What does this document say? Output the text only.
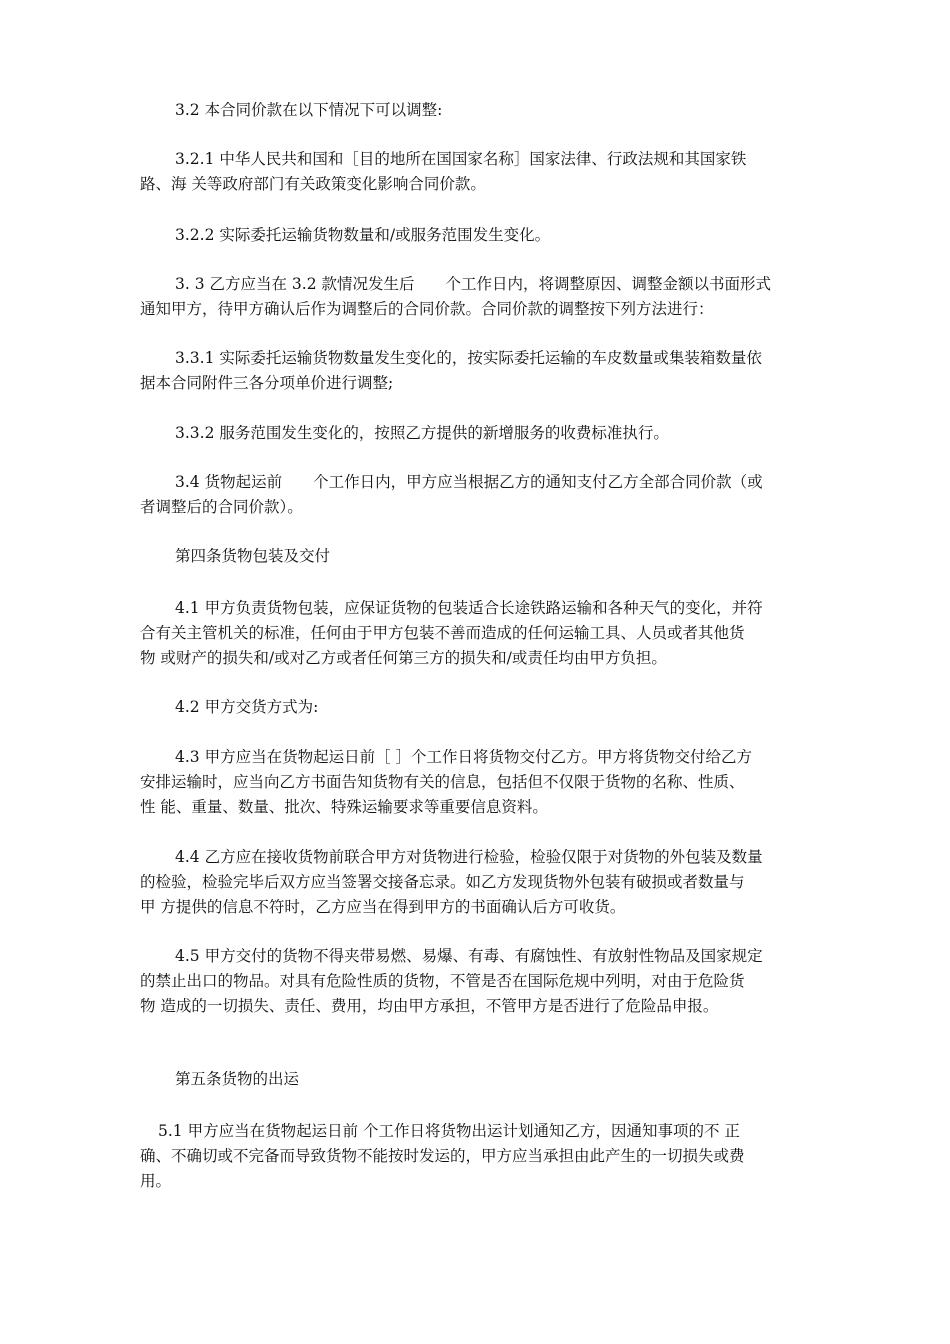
3.2 本合同价款在以下情况下可以调整:

3.2.1 中华人民共和国和［目的地所在国国家名称］国家法律、行政法规和其国家铁
路、海 关等政府部门有关政策变化影响合同价款。

3.2.2 实际委托运输货物数量和/或服务范围发生变化。

3. 3 乙方应当在 3.2 款情况发生后　　个工作日内，将调整原因、调整金额以书面形式
通知甲方，待甲方确认后作为调整后的合同价款。合同价款的调整按下列方法进行：

3.3.1 实际委托运输货物数量发生变化的，按实际委托运输的车皮数量或集装箱数量依
据本合同附件三各分项单价进行调整;

3.3.2 服务范围发生变化的，按照乙方提供的新增服务的收费标准执行。

3.4 货物起运前　　个工作日内，甲方应当根据乙方的通知支付乙方全部合同价款（或
者调整后的合同价款）。

第四条货物包装及交付

4.1 甲方负责货物包装，应保证货物的包装适合长途铁路运输和各种天气的变化，并符
合有关主管机关的标准，任何由于甲方包装不善而造成的任何运输工具、人员或者其他货
物 或财产的损失和/或对乙方或者任何第三方的损失和/或责任均由甲方负担。

4.2 甲方交货方式为:

4.3 甲方应当在货物起运日前［ ］个工作日将货物交付乙方。甲方将货物交付给乙方
安排运输时，应当向乙方书面告知货物有关的信息，包括但不仅限于货物的名称、性质、
性 能、重量、数量、批次、特殊运输要求等重要信息资料。

4.4 乙方应在接收货物前联合甲方对货物进行检验，检验仅限于对货物的外包装及数量
的检验，检验完毕后双方应当签署交接备忘录。如乙方发现货物外包装有破损或者数量与
甲 方提供的信息不符时，乙方应当在得到甲方的书面确认后方可收货。

4.5 甲方交付的货物不得夹带易燃、易爆、有毒、有腐蚀性、有放射性物品及国家规定
的禁止出口的物品。对具有危险性质的货物，不管是否在国际危规中列明，对由于危险货
物 造成的一切损失、责任、费用，均由甲方承担，不管甲方是否进行了危险品申报。

第五条货物的出运

5.1 甲方应当在货物起运日前 个工作日将货物出运计划通知乙方，因通知事项的不 正
确、不确切或不完备而导致货物不能按时发运的，甲方应当承担由此产生的一切损失或费
用。
